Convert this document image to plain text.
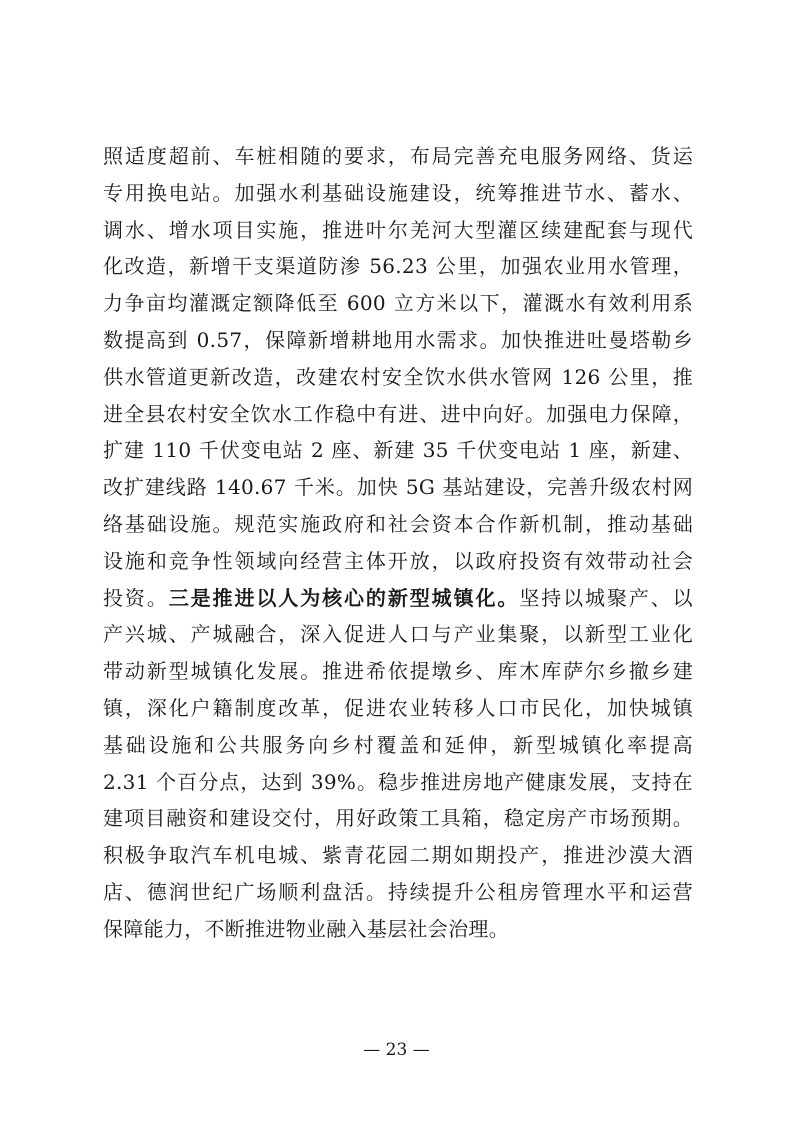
照适度超前、车桩相随的要求，布局完善充电服务网络、货运
专用换电站。加强水利基础设施建设，统筹推进节水、蓄水、
调水、增水项目实施，推进叶尔羌河大型灌区续建配套与现代
化改造，新增干支渠道防渗 56.23 公里，加强农业用水管理，
力争亩均灌溉定额降低至 600 立方米以下，灌溉水有效利用系
数提高到 0.57，保障新增耕地用水需求。加快推进吐曼塔勒乡
供水管道更新改造，改建农村安全饮水供水管网 126 公里，推
进全县农村安全饮水工作稳中有进、进中向好。加强电力保障，
扩建 110 千伏变电站 2 座、新建 35 千伏变电站 1 座，新建、
改扩建线路 140.67 千米。加快 5G 基站建设，完善升级农村网
络基础设施。规范实施政府和社会资本合作新机制，推动基础
设施和竞争性领域向经营主体开放，以政府投资有效带动社会
投资。三是推进以人为核心的新型城镇化。坚持以城聚产、以
产兴城、产城融合，深入促进人口与产业集聚，以新型工业化
带动新型城镇化发展。推进希依提墩乡、库木库萨尔乡撤乡建
镇，深化户籍制度改革，促进农业转移人口市民化，加快城镇
基础设施和公共服务向乡村覆盖和延伸，新型城镇化率提高
2.31 个百分点，达到 39%。稳步推进房地产健康发展，支持在
建项目融资和建设交付，用好政策工具箱，稳定房产市场预期。
积极争取汽车机电城、紫青花园二期如期投产，推进沙漠大酒
店、德润世纪广场顺利盘活。持续提升公租房管理水平和运营
保障能力，不断推进物业融入基层社会治理。
— 23 —
